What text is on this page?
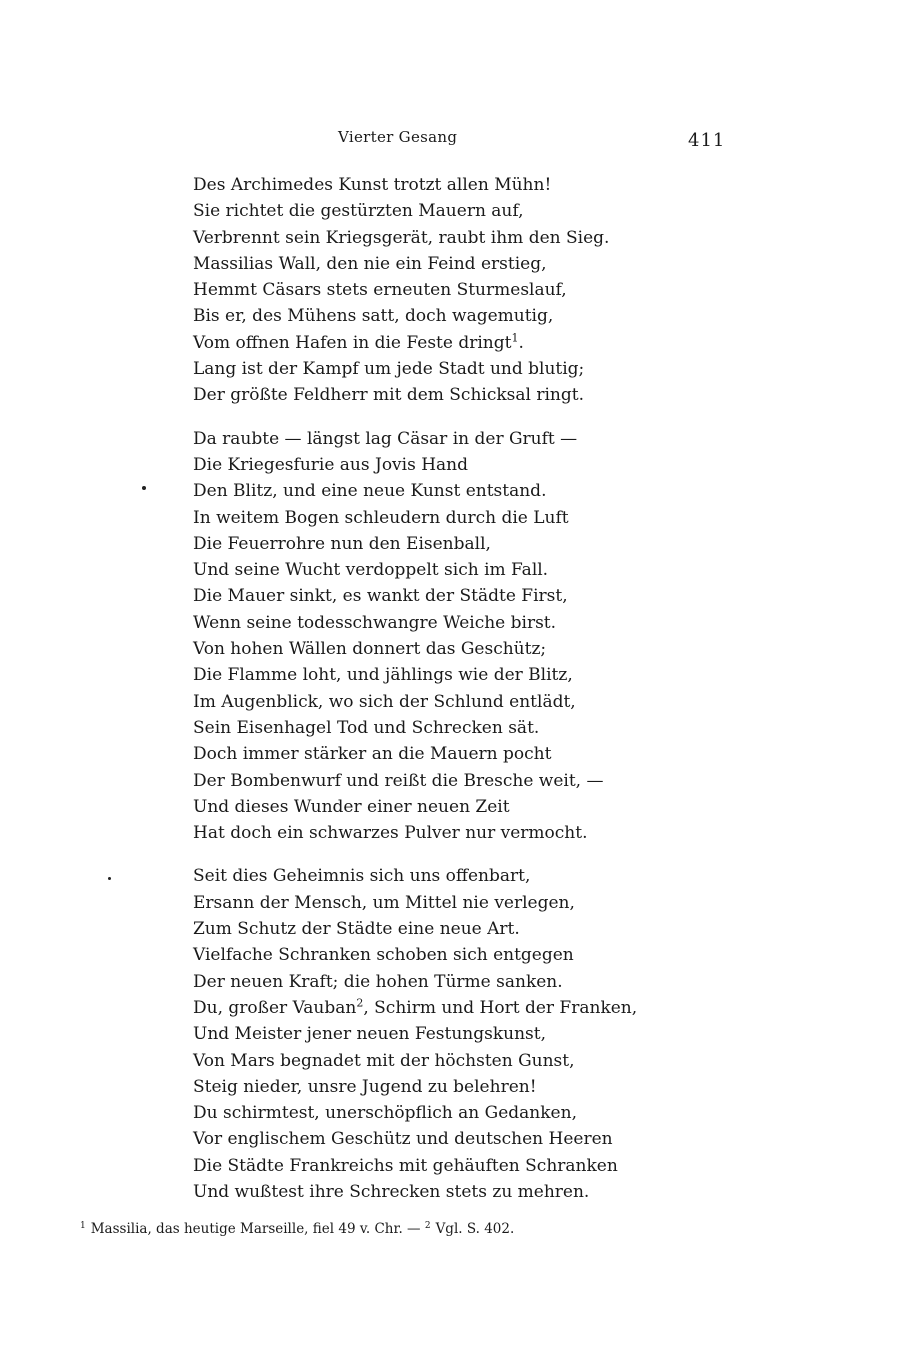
Vierter Gesang	411
Des Archimedes Kunst trotzt allen Mühn!
Sie richtet die gestürzten Mauern auf,
Verbrennt sein Kriegsgerät, raubt ihm den Sieg.
Massilias Wall, den nie ein Feind erstieg,
Hemmt Cäsars stets erneuten Sturmeslauf,
Bis er, des Mühens satt, doch wagemutig,
Vom offnen Hafen in die Feste dringt$^1$.
Lang ist der Kampf um jede Stadt und blutig;
Der größte Feldherr mit dem Schicksal ringt.
Da raubte — längst lag Cäsar in der Gruft —
Die Kriegesfurie aus Jovis Hand
Den Blitz, und eine neue Kunst entstand.
In weitem Bogen schleudern durch die Luft
Die Feuerrohre nun den Eisenball,
Und seine Wucht verdoppelt sich im Fall.
Die Mauer sinkt, es wankt der Städte First,
Wenn seine todesschwangre Weiche birst.
Von hohen Wällen donnert das Geschütz;
Die Flamme loht, und jählings wie der Blitz,
Im Augenblick, wo sich der Schlund entlädt,
Sein Eisenhagel Tod und Schrecken sät.
Doch immer stärker an die Mauern pocht
Der Bombenwurf und reißt die Bresche weit, —
Und dieses Wunder einer neuen Zeit
Hat doch ein schwarzes Pulver nur vermocht.
Seit dies Geheimnis sich uns offenbart,
Ersann der Mensch, um Mittel nie verlegen,
Zum Schutz der Städte eine neue Art.
Vielfache Schranken schoben sich entgegen
Der neuen Kraft; die hohen Türme sanken.
Du, großer Vauban$^2$, Schirm und Hort der Franken,
Und Meister jener neuen Festungskunst,
Von Mars begnadet mit der höchsten Gunst,
Steig nieder, unsre Jugend zu belehren!
Du schirmtest, unerschöpflich an Gedanken,
Vor englischem Geschütz und deutschen Heeren
Die Städte Frankreichs mit gehäuften Schranken
Und wußtest ihre Schrecken stets zu mehren.
$^1$ Massilia, das heutige Marseille, fiel 49 v. Chr. — $^2$ Vgl. S. 402.
